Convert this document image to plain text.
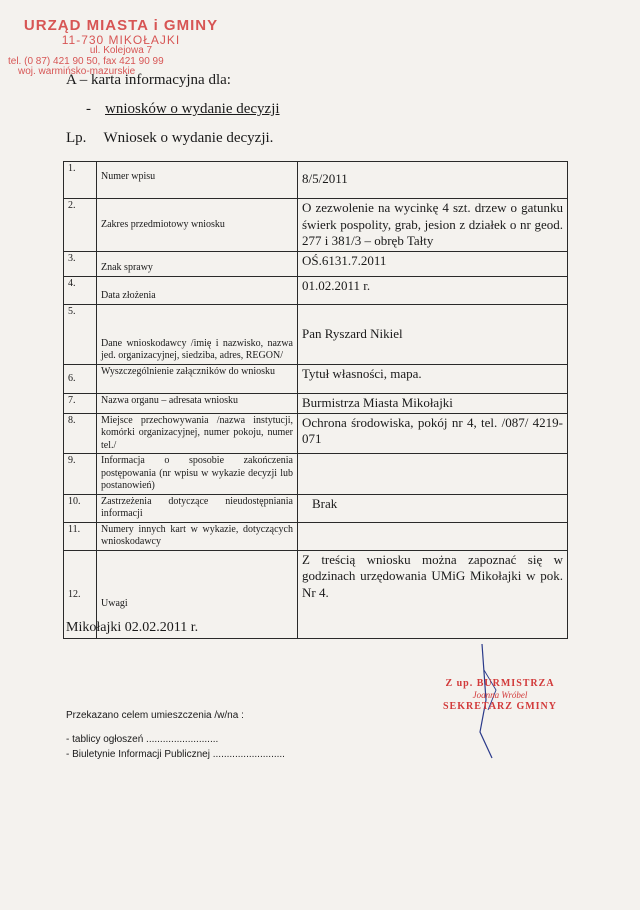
URZĄD MIASTA i GMINY
11-730 MIKOŁAJKI
ul. Kolejowa 7
tel. (0 87) 421 90 50, fax 421 90 99
woj. warmińsko-mazurskie
A – karta informacyjna dla:
- wniosków o wydanie decyzji
Lp. Wniosek o wydanie decyzji.
1.	Numer wpisu	8/5/2011

2.	Zakres przedmiotowy wniosku	O zezwolenie na wycinkę 4 szt. drzew o gatunku świerk pospolity, grab, jesion z działek o nr geod. 277 i 381/3 – obręb Tałty
3.	Znak sprawy	OŚ.6131.7.2011
4.	Data złożenia	01.02.2011 r.
5.	Dane wnioskodawcy /imię i nazwisko, nazwa jed. organizacyjnej, siedziba, adres, REGON/	Pan Ryszard Nikiel
6.	Wyszczególnienie załączników do wniosku	Tytuł własności, mapa.
7.	Nazwa organu – adresata wniosku	Burmistrza Miasta Mikołajki
8.	Miejsce przechowywania /nazwa instytucji, komórki organizacyjnej, numer pokoju, numer tel./	Ochrona środowiska, pokój nr 4, tel. /087/ 4219-071
9.	Informacja o sposobie zakończenia postępowania (nr wpisu w wykazie decyzji lub postanowień)	
10.	Zastrzeżenia dotyczące nieudostępniania informacji	Brak
11.	Numery innych kart w wykazie, dotyczących wnioskodawcy	
12.	Uwagi	Z treścią wniosku można zapoznać się w godzinach urzędowania UMiG Mikołajki w pok. Nr 4.
Mikołajki 02.02.2011 r.
Z up. BURMISTRZA
Joanna Wróbel
SEKRETARZ GMINY
Przekazano celem umieszczenia /w/na :
- tablicy ogłoszeń ..........................
- Biuletynie Informacji Publicznej ..........................
